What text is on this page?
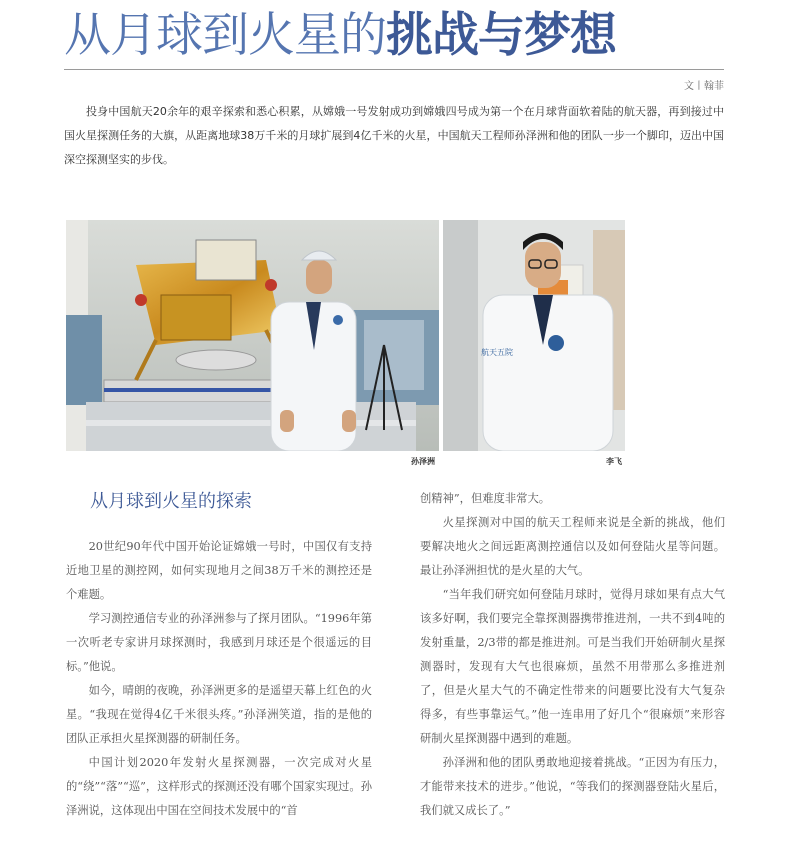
从月球到火星的挑战与梦想
文丨翰菲

投身中国航天20余年的艰辛探索和悉心积累，从嫦娥一号发射成功到嫦娥四号成为第一个在月球背面软着陆的航天器，再到接过中国火星探测任务的大旗，从距离地球38万千米的月球扩展到4亿千米的火星，中国航天工程师孙泽洲和他的团队一步一个脚印，迈出中国深空探测坚实的步伐。

航天五院
孙泽洲	李飞
从月球到火星的探索

20世纪90年代中国开始论证嫦娥一号时，中国仅有支持近地卫星的测控网，如何实现地月之间38万千米的测控还是个难题。

学习测控通信专业的孙泽洲参与了探月团队。“1996年第一次听老专家讲月球探测时，我感到月球还是个很遥远的目标。”他说。

如今，晴朗的夜晚，孙泽洲更多的是遥望天幕上红色的火星。“我现在觉得4亿千米很头疼。”孙泽洲笑道，指的是他的团队正承担火星探测器的研制任务。

中国计划2020年发射火星探测器，一次完成对火星的“绕”“落”“巡”，这样形式的探测还没有哪个国家实现过。孙泽洲说，这体现出中国在空间技术发展中的“首

创精神”，但难度非常大。

火星探测对中国的航天工程师来说是全新的挑战，他们要解决地火之间远距离测控通信以及如何登陆火星等问题。最让孙泽洲担忧的是火星的大气。

“当年我们研究如何登陆月球时，觉得月球如果有点大气该多好啊，我们要完全靠探测器携带推进剂，一共不到4吨的发射重量，2/3带的都是推进剂。可是当我们开始研制火星探测器时，发现有大气也很麻烦，虽然不用带那么多推进剂了，但是火星大气的不确定性带来的问题要比没有大气复杂得多，有些事靠运气。”他一连串用了好几个“很麻烦”来形容研制火星探测器中遇到的难题。

孙泽洲和他的团队勇敢地迎接着挑战。“正因为有压力，才能带来技术的进步。”他说，“等我们的探测器登陆火星后，我们就又成长了。”
